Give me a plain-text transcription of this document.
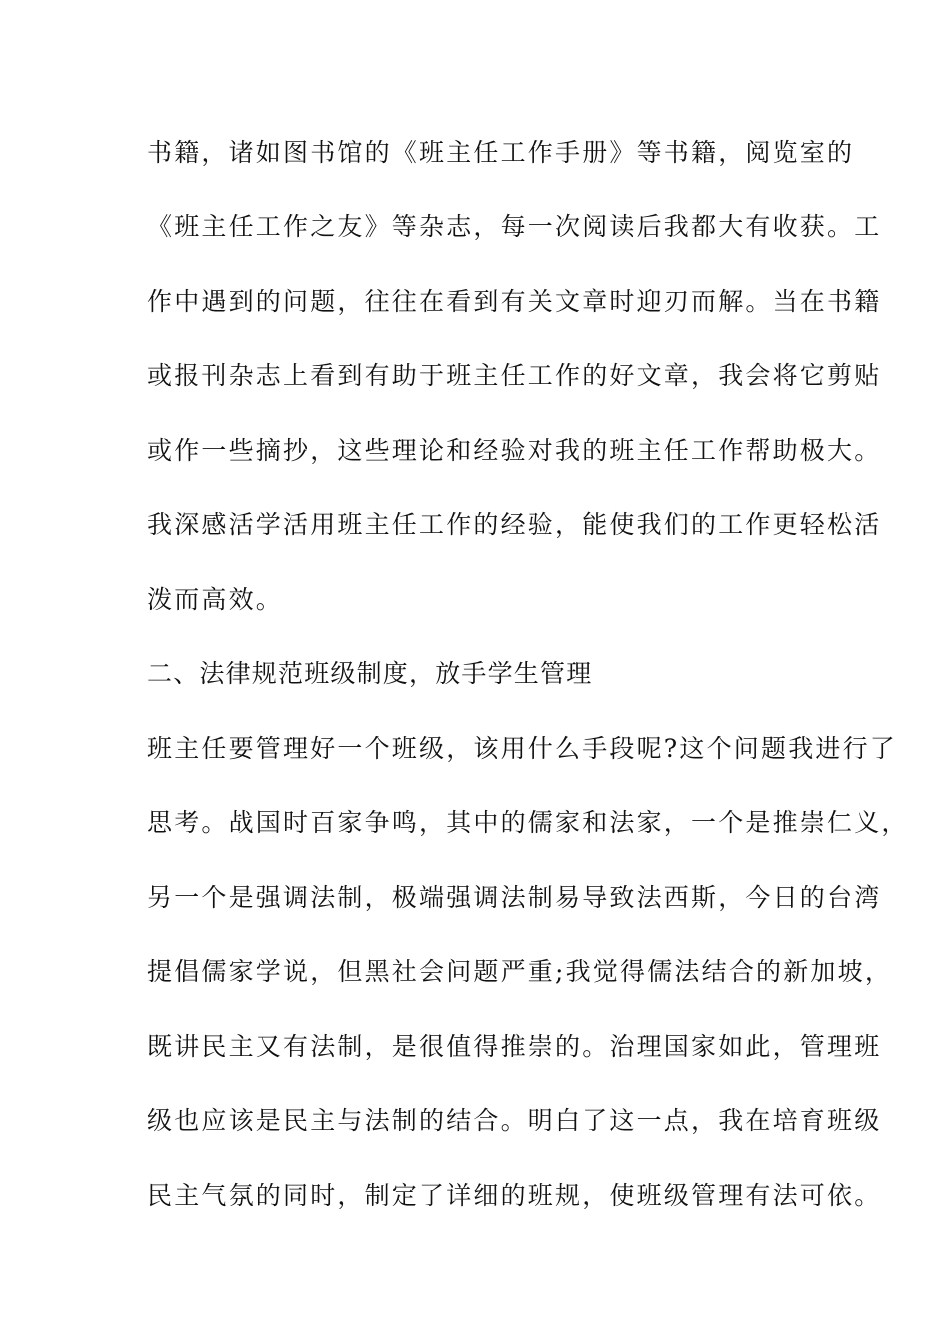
书籍，诸如图书馆的《班主任工作手册》等书籍，阅览室的
《班主任工作之友》等杂志，每一次阅读后我都大有收获。工
作中遇到的问题，往往在看到有关文章时迎刃而解。当在书籍
或报刊杂志上看到有助于班主任工作的好文章，我会将它剪贴
或作一些摘抄，这些理论和经验对我的班主任工作帮助极大。
我深感活学活用班主任工作的经验，能使我们的工作更轻松活
泼而高效。
二、法律规范班级制度，放手学生管理
班主任要管理好一个班级，该用什么手段呢?这个问题我进行了
思考。战国时百家争鸣，其中的儒家和法家，一个是推崇仁义，
另一个是强调法制，极端强调法制易导致法西斯，今日的台湾
提倡儒家学说，但黑社会问题严重;我觉得儒法结合的新加坡，
既讲民主又有法制，是很值得推崇的。治理国家如此，管理班
级也应该是民主与法制的结合。明白了这一点，我在培育班级
民主气氛的同时，制定了详细的班规，使班级管理有法可依。
